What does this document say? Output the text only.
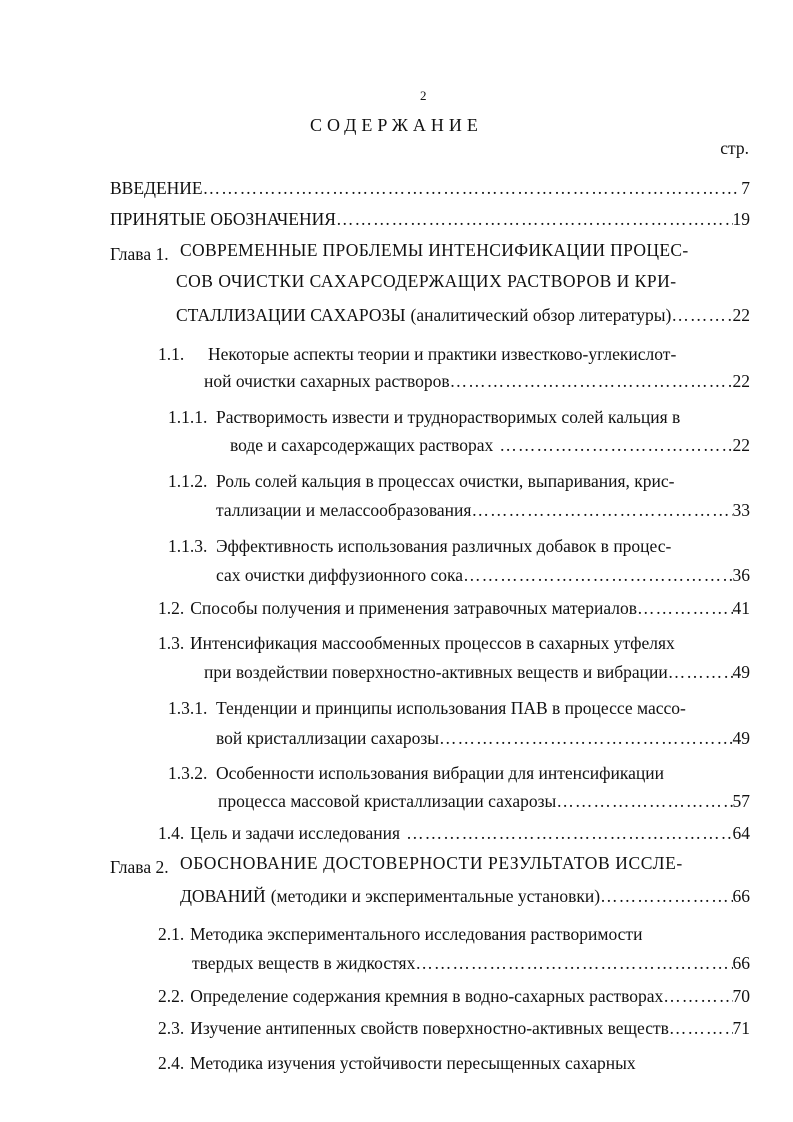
2
СОДЕРЖАНИЕ
стр.
ВВЕДЕНИЕ ……………………………………………………………………………………………………………………………………………………………………………………	7
ПРИНЯТЫЕ ОБОЗНАЧЕНИЯ ……………………………………………………………………………………………………………………………………………………………………………………	19
Глава 1. СОВРЕМЕННЫЕ ПРОБЛЕМЫ ИНТЕНСИФИКАЦИИ ПРОЦЕС-
СОВ ОЧИСТКИ САХАРСОДЕРЖАЩИХ РАСТВОРОВ И КРИ-
СТАЛЛИЗАЦИИ САХАРОЗЫ (аналитический обзор литературы) ……………………………………………………………………………………………………………………………………………………………………………………	22
1.1. Некоторые аспекты теории и практики известково-углекислот-
ной очистки сахарных растворов ……………………………………………………………………………………………………………………………………………………………………………………	22
1.1.1. Растворимость извести и труднорастворимых солей кальция в
воде и сахарсодержащих растворах ……………………………………………………………………………………………………………………………………………………………………………………	22
1.1.2. Роль солей кальция в процессах очистки, выпаривания, крис-
таллизации и мелассообразования ……………………………………………………………………………………………………………………………………………………………………………………	33
1.1.3. Эффективность использования различных добавок в процес-
сах очистки диффузионного сока ……………………………………………………………………………………………………………………………………………………………………………………	36
1.2. Способы получения и применения затравочных материалов ……………………………………………………………………………………………………………………………………………………………………………………	41
1.3. Интенсификация массообменных процессов в сахарных утфелях
при воздействии поверхностно-активных веществ и вибрации ……………………………………………………………………………………………………………………………………………………………………………………	49
1.3.1. Тенденции и принципы использования ПАВ в процессе массо-
вой кристаллизации сахарозы ……………………………………………………………………………………………………………………………………………………………………………………	49
1.3.2. Особенности использования вибрации для интенсификации
процесса массовой кристаллизации сахарозы ……………………………………………………………………………………………………………………………………………………………………………………	57
1.4. Цель и задачи исследования ……………………………………………………………………………………………………………………………………………………………………………………	64
Глава 2. ОБОСНОВАНИЕ ДОСТОВЕРНОСТИ РЕЗУЛЬТАТОВ ИССЛЕ-
ДОВАНИЙ (методики и экспериментальные установки) ……………………………………………………………………………………………………………………………………………………………………………………	66
2.1. Методика экспериментального исследования растворимости
твердых веществ в жидкостях ……………………………………………………………………………………………………………………………………………………………………………………	66
2.2. Определение содержания кремния в водно-сахарных растворах ……………………………………………………………………………………………………………………………………………………………………………………	70
2.3. Изучение антипенных свойств поверхностно-активных веществ ……………………………………………………………………………………………………………………………………………………………………………………	71
2.4. Методика изучения устойчивости пересыщенных сахарных
